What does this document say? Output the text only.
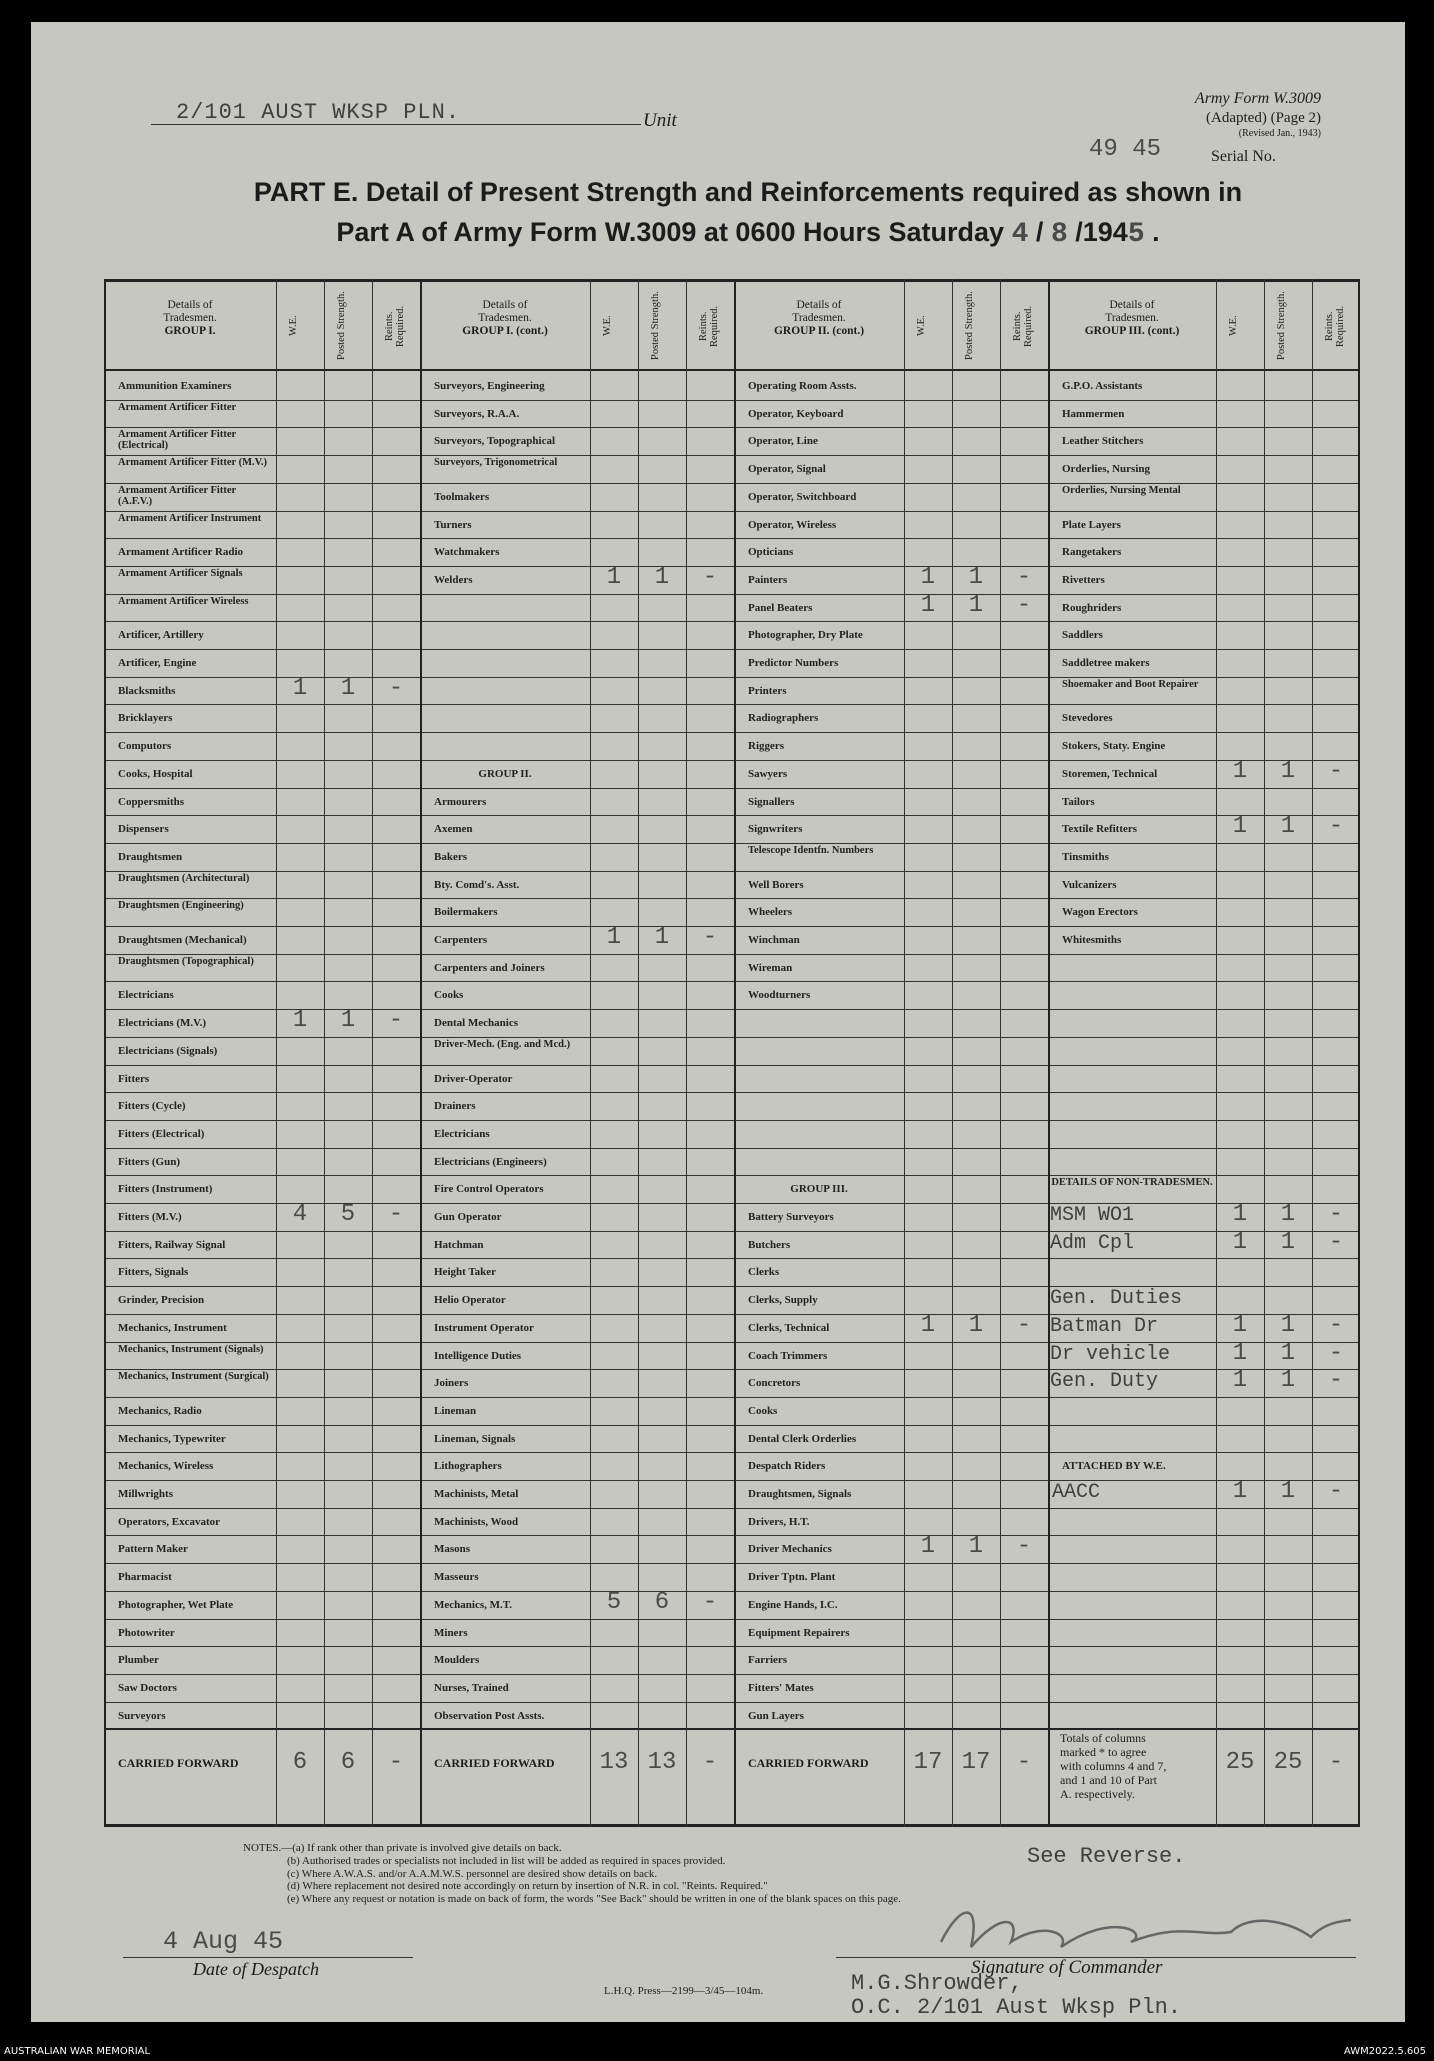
2/101 AUST WKSP PLN.	Unit
Army Form W.3009
(Adapted) (Page 2)
(Revised Jan., 1943)
49 45	Serial No.
PART E. Detail of Present Strength and Reinforcements required as shown in
Part A of Army Form W.3009 at 0600 Hours Saturday 4 / 8 /1945 .
Details of
Tradesmen.
GROUP I.	W.E.	Posted Strength.	Reints. Required.
Details of
Tradesmen.
GROUP I. (cont.)	W.E.	Posted Strength.	Reints. Required.
Details of
Tradesmen.
GROUP II. (cont.)	W.E.	Posted Strength.	Reints. Required.
Details of
Tradesmen.
GROUP III. (cont.)	W.E.	Posted Strength.	Reints. Required.
Ammunition Examiners
Armament Artificer Fitter
Armament Artificer Fitter (Electrical)
Armament Artificer Fitter (M.V.)
Armament Artificer Fitter (A.F.V.)
Armament Artificer Instrument
Armament Artificer Radio
Armament Artificer Signals
Armament Artificer Wireless
Artificer, Artillery
Artificer, Engine
Blacksmiths	1	1	-
Bricklayers
Computors
Cooks, Hospital
Coppersmiths
Dispensers
Draughtsmen
Draughtsmen (Architectural)
Draughtsmen (Engineering)
Draughtsmen (Mechanical)
Draughtsmen (Topographical)
Electricians
Electricians (M.V.)	1	1	-
Electricians (Signals)
Fitters
Fitters (Cycle)
Fitters (Electrical)
Fitters (Gun)
Fitters (Instrument)
Fitters (M.V.)	4	5	-
Fitters, Railway Signal
Fitters, Signals
Grinder, Precision
Mechanics, Instrument
Mechanics, Instrument (Signals)
Mechanics, Instrument (Surgical)
Mechanics, Radio
Mechanics, Typewriter
Mechanics, Wireless
Millwrights
Operators, Excavator
Pattern Maker
Pharmacist
Photographer, Wet Plate
Photowriter
Plumber
Saw Doctors
Surveyors
CARRIED FORWARD	6	6	-
Surveyors, Engineering
Surveyors, R.A.A.
Surveyors, Topographical
Surveyors, Trigonometrical
Toolmakers
Turners
Watchmakers
Welders	1	1	-
GROUP II.
Armourers
Axemen
Bakers
Bty. Comd's. Asst.
Boilermakers
Carpenters	1	1	-
Carpenters and Joiners
Cooks
Dental Mechanics
Driver-Mech. (Eng. and Mcd.)
Driver-Operator
Drainers
Electricians
Electricians (Engineers)
Fire Control Operators
Gun Operator
Hatchman
Height Taker
Helio Operator
Instrument Operator
Intelligence Duties
Joiners
Lineman
Lineman, Signals
Lithographers
Machinists, Metal
Machinists, Wood
Masons
Masseurs
Mechanics, M.T.	5	6	-
Miners
Moulders
Nurses, Trained
Observation Post Assts.
CARRIED FORWARD	13 13	-
Operating Room Assts.
Operator, Keyboard
Operator, Line
Operator, Signal
Operator, Switchboard
Operator, Wireless
Opticians
Painters	1	1	-
Panel Beaters	1	1	-
Photographer, Dry Plate
Predictor Numbers
Printers
Radiographers
Riggers
Sawyers
Signallers
Signwriters
Telescope Identfn. Numbers
Well Borers
Wheelers
Winchman
Wireman
Woodturners
GROUP III.
Battery Surveyors
Butchers
Clerks
Clerks, Supply
Clerks, Technical	1	1	-
Coach Trimmers
Concretors
Cooks
Dental Clerk Orderlies
Despatch Riders
Draughtsmen, Signals
Drivers, H.T.
Driver Mechanics	1	1	-
Driver Tptn. Plant
Engine Hands, I.C.
Equipment Repairers
Farriers
Fitters' Mates
Gun Layers
CARRIED FORWARD	17 17	-
G.P.O. Assistants
Hammermen
Leather Stitchers
Orderlies, Nursing
Orderlies, Nursing Mental
Plate Layers
Rangetakers
Rivetters
Roughriders
Saddlers
Saddletree makers
Shoemaker and Boot Repairer
Stevedores
Stokers, Staty. Engine
Storemen, Technical	1	1	-
Tailors
Textile Refitters	1	1	-
Tinsmiths
Vulcanizers
Wagon Erectors
Whitesmiths
Totals of columns
marked * to agree
with columns 4 and 7,
and 1 and 10 of Part
A. respectively.
25 25	-
DETAILS OF NON-TRADESMEN.
MSM WO1	1	1	-
Adm Cpl	1	1	-
Gen. Duties
Batman Dr	1	1	-
Dr vehicle	1	1	-
Gen. Duty	1	1	-
ATTACHED BY W.E.
AACC	1	1	-
NOTES.—(a) If rank other than private is involved give details on back.
(b) Authorised trades or specialists not included in list will be added as required in spaces provided.
(c) Where A.W.A.S. and/or A.A.M.W.S. personnel are desired show details on back.
(d) Where replacement not desired note accordingly on return by insertion of N.R. in col. "Reints. Required."
(e) Where any request or notation is made on back of form, the words "See Back" should be written in one of the blank spaces on this page.
See Reverse.
4 Aug 45
Date of Despatch	Signature of Commander
M.G.Shrowder,
O.C. 2/101 Aust Wksp Pln.
L.H.Q. Press—2199—3/45—104m.
AUSTRALIAN WAR MEMORIAL	AWM2022.5.605
